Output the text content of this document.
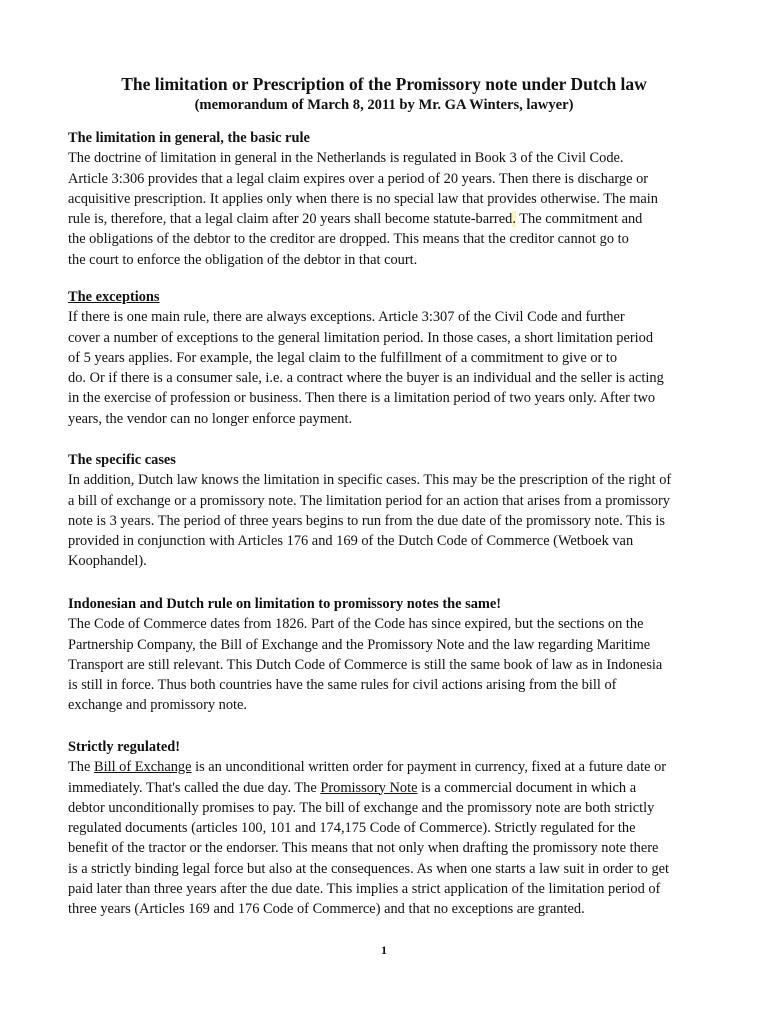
The limitation or Prescription of the Promissory note under Dutch law
(memorandum of March 8, 2011 by Mr. GA Winters, lawyer)
The limitation in general, the basic rule
The doctrine of limitation in general in the Netherlands is regulated in Book 3 of the Civil Code.
Article 3:306 provides that a legal claim expires over a period of 20 years. Then there is discharge or
acquisitive prescription. It applies only when there is no special law that provides otherwise. The main
rule is, therefore, that a legal claim after 20 years shall become statute-barred. The commitment and
the obligations of the debtor to the creditor are dropped. This means that the creditor cannot go to
the court to enforce the obligation of the debtor in that court.
The exceptions
If there is one main rule, there are always exceptions. Article 3:307 of the Civil Code and further
cover a number of exceptions to the general limitation period. In those cases, a short limitation period
of 5 years applies. For example, the legal claim to the fulfillment of a commitment to give or to
do. Or if there is a consumer sale, i.e. a contract where the buyer is an individual and the seller is acting
in the exercise of profession or business. Then there is a limitation period of two years only. After two
years, the vendor can no longer enforce payment.
The specific cases
In addition, Dutch law knows the limitation in specific cases. This may be the prescription of the right of
a bill of exchange or a promissory note. The limitation period for an action that arises from a promissory
note is 3 years. The period of three years begins to run from the due date of the promissory note. This is
provided in conjunction with Articles 176 and 169 of the Dutch Code of Commerce (Wetboek van
Koophandel).
Indonesian and Dutch rule on limitation to promissory notes the same!
The Code of Commerce dates from 1826. Part of the Code has since expired, but the sections on the
Partnership Company, the Bill of Exchange and the Promissory Note and the law regarding Maritime
Transport are still relevant. This Dutch Code of Commerce is still the same book of law as in Indonesia
is still in force. Thus both countries have the same rules for civil actions arising from the bill of
exchange and promissory note.
Strictly regulated!
The Bill of Exchange is an unconditional written order for payment in currency, fixed at a future date or
immediately. That's called the due day. The Promissory Note is a commercial document in which a
debtor unconditionally promises to pay. The bill of exchange and the promissory note are both strictly
regulated documents (articles 100, 101 and 174,175 Code of Commerce). Strictly regulated for the
benefit of the tractor or the endorser. This means that not only when drafting the promissory note there
is a strictly binding legal force but also at the consequences. As when one starts a law suit in order to get
paid later than three years after the due date. This implies a strict application of the limitation period of
three years (Articles 169 and 176 Code of Commerce) and that no exceptions are granted.
1
